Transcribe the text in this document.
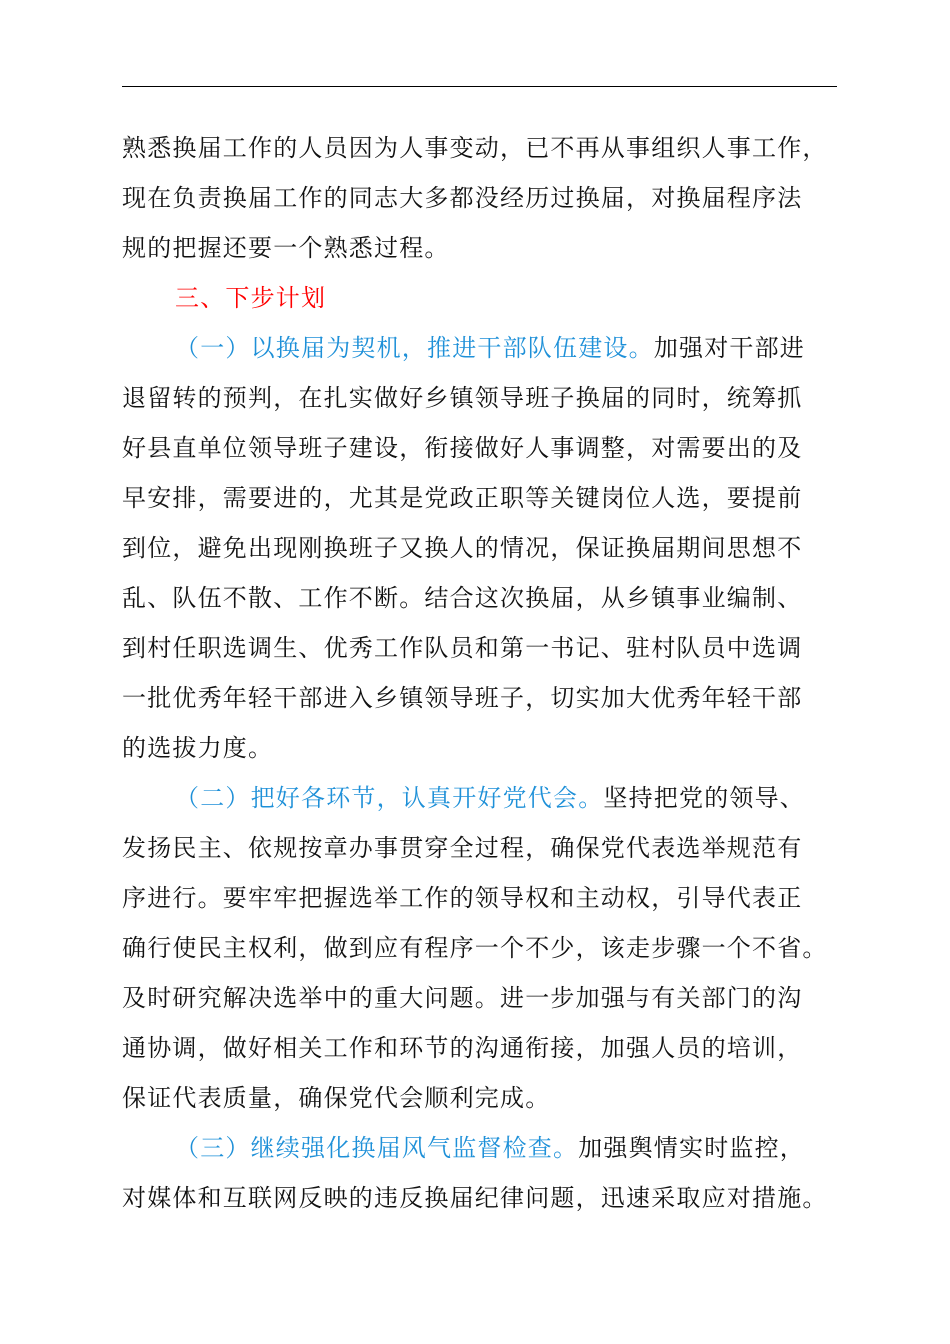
熟悉换届工作的人员因为人事变动，已不再从事组织人事工作，
现在负责换届工作的同志大多都没经历过换届，对换届程序法
规的把握还要一个熟悉过程。
三、下步计划
（一）以换届为契机，推进干部队伍建设。加强对干部进
退留转的预判，在扎实做好乡镇领导班子换届的同时，统筹抓
好县直单位领导班子建设，衔接做好人事调整，对需要出的及
早安排，需要进的，尤其是党政正职等关键岗位人选，要提前
到位，避免出现刚换班子又换人的情况，保证换届期间思想不
乱、队伍不散、工作不断。结合这次换届，从乡镇事业编制、
到村任职选调生、优秀工作队员和第一书记、驻村队员中选调
一批优秀年轻干部进入乡镇领导班子，切实加大优秀年轻干部
的选拔力度。
（二）把好各环节，认真开好党代会。坚持把党的领导、
发扬民主、依规按章办事贯穿全过程，确保党代表选举规范有
序进行。要牢牢把握选举工作的领导权和主动权，引导代表正
确行使民主权利，做到应有程序一个不少，该走步骤一个不省。
及时研究解决选举中的重大问题。进一步加强与有关部门的沟
通协调，做好相关工作和环节的沟通衔接，加强人员的培训，
保证代表质量，确保党代会顺利完成。
（三）继续强化换届风气监督检查。加强舆情实时监控，
对媒体和互联网反映的违反换届纪律问题，迅速采取应对措施。
